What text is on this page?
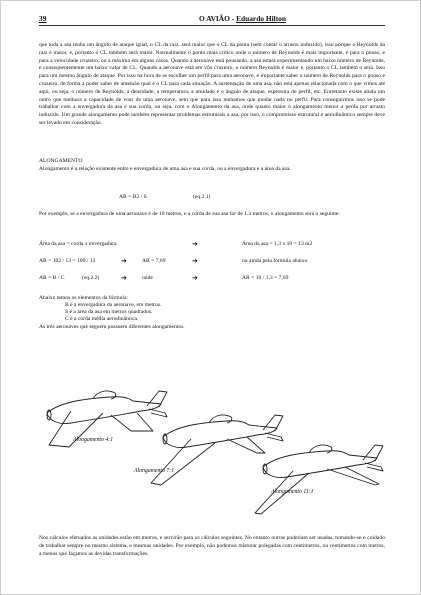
39	O AVIÃO - Eduardo Hilton
que toda a asa tenha um ângulo de ataque igual, o CL da raiz, será maior que o CL da ponta (sem contar o arrasto induzido), isso porque o Reynolds da raiz é maior, e, portanto o CL também será maior. Normalmente o ponto mais crítico onde o número de Reynolds é mais importante, é para o pouso, e para a velocidade cruzeiro, ou a máxima em alguns casos. Quando a aeronave está pousando, a asa estará experimentando um baixo número de Reynolds, e consequentemente um baixo valor de CL. Quando a aeronave está em vôo cruzeiro, o número Reynolds é maior e, portanto o CL também o será. Isso para um mesmo ângulo de ataque. Por isso na hora de se escolher um perfil para uma aeronave, é importante saber o número de Reynolds para o pouso e cruzeiro, de forma a poder saber de antemão qual é o CL para cada situação. A sustentação de uma asa, não está apenas relacionada com o que vimos até aqui, ou seja, o número de Reynolds, a densidade, a temperatura, a umidade e o ângulo de ataque, espessura de perfil, etc. Entretanto existe ainda um outro que melhora a capacidade de voar de uma aeronave, sem que para isso tenhamos que mudar nada no perfil. Para conseguirmos isso se pode trabalhar com a envergadura da asa e sua corda, ou seja, com o Alongamento da asa, onde quanto maior o alongamento menor a perda por arrasto induzido. Um grande alongamento pode também representar problemas estruturais a asa, por isso, o compromisso estrutural e aerodinâmico sempre deve ser levado em consideração.
ALONGAMENTO
Alongamento é a relação existente entre e envergadura de uma asa e sua corda, ou a envergadura e a área da asa.
AR = B2 / S	(eq.2.1)
Por exemplo, se a envergadura de uma aeronave é de 10 metros, e a corda de sua asa for de 1.3 metros, o alongamento será o seguinte:
Área da asa = corda x envergadura	➔	Área da asa = 1,3 x 10 = 13 m2
AR = 102 / 13 = 100 / 13	➔	AR = 7,69	➔	ou ainda pela fórmula abaixo
AR = B / C	(eq.2.2)	➔	onde	➔	AR = 10 / 1,3 = 7,69
Abaixo temos os elementos da fórmula:
B é a envergadura da aeronave, em metros.
S é a área da asa em metros quadrados.
C é a corda média aerodinâmica.
As três aeronaves que seguem possuem diferentes alongamentos.
Alongamento 4:1
Alongamento 7:1
Alongamento 11:1
Nos cálculos efetuados as unidades estão em metros, e servirão para os cálculos seguintes. No entanto outras poderiam ser usadas, tomando-se o cuidado de trabalhar sempre no mesmo sistema, e mesmas unidades. Por exemplo, não podemos misturar polegadas com centímetros, ou centímetros com metros, a menos que façamos as devidas transformações.
